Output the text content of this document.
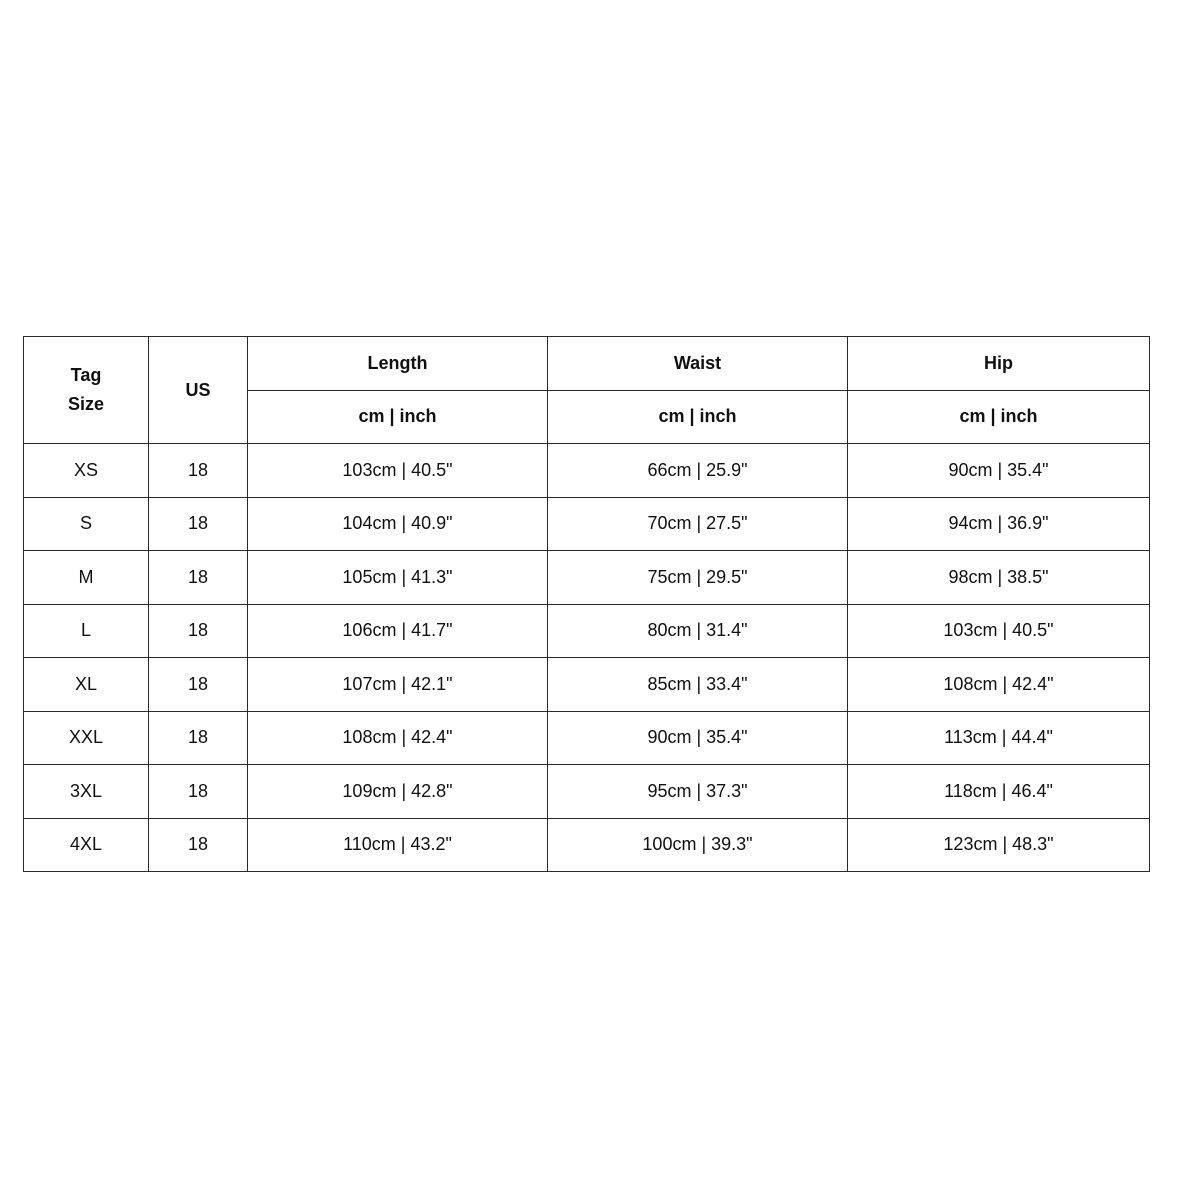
Tag
Size
	US	Length	Waist	Hip
cm | inch	cm | inch	cm | inch
XS	18	103cm | 40.5"	66cm | 25.9"	90cm | 35.4"
S	18	104cm | 40.9"	70cm | 27.5"	94cm | 36.9"
M	18	105cm | 41.3"	75cm | 29.5"	98cm | 38.5"
L	18	106cm | 41.7"	80cm | 31.4"	103cm | 40.5"
XL	18	107cm | 42.1"	85cm | 33.4"	108cm | 42.4"
XXL	18	108cm | 42.4"	90cm | 35.4"	113cm | 44.4"
3XL	18	109cm | 42.8"	95cm | 37.3"	118cm | 46.4"
4XL	18	110cm | 43.2"	100cm | 39.3"	123cm | 48.3"
